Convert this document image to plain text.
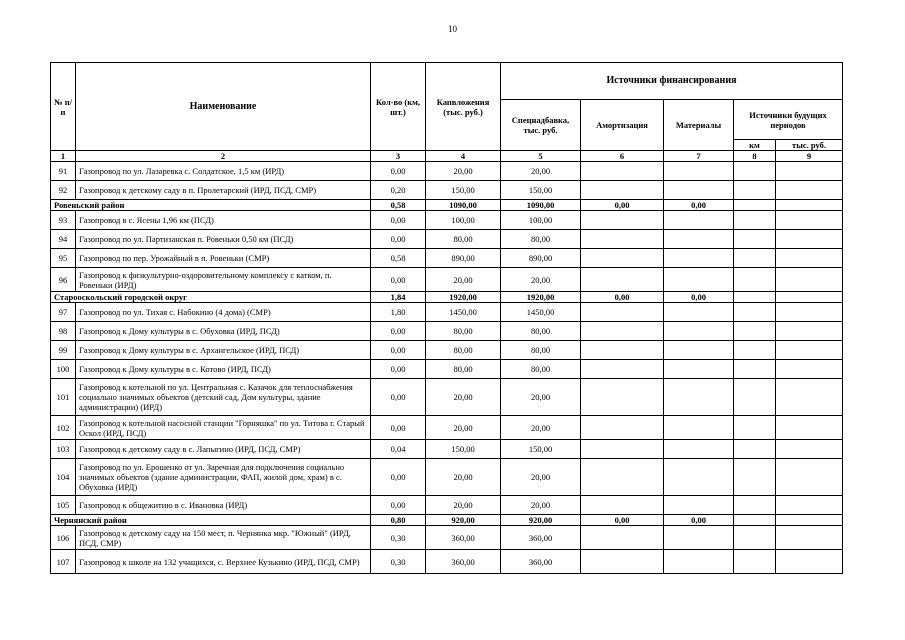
10
№ п/п	Наименование	Кол-во (км, шт.)	Капвложения (тыс. руб.)	Источники финансирования				
				Спецнадбавка, тыс. руб.	Амортизация	Материалы	Источники будущих периодов	
							км	тыс. руб.
1	2	3	4	5	6	7	8	9
91	Газопровод по ул. Лазаревка с. Солдатское, 1,5 км (ИРД)	0,00	20,00	20,00				
92	Газопровод к детскому саду в п. Пролетарский (ИРД, ПСД, СМР)	0,20	150,00	150,00				
Ровеньский район		0,58	1090,00	1090,00	0,00	0,00		
93	Газопровод в с. Ясены 1,96 км (ПСД)	0,00	100,00	100,00				
94	Газопровод по ул. Партизанская п. Ровеньки 0,50 км (ПСД)	0,00	80,00	80,00				
95	Газопровод по пер. Урожайный в п. Ровеньки (СМР)	0,58	890,00	890,00				
96	Газопровод к физкультурно-оздоровительному комплексу с катком, п. Ровеньки (ИРД)	0,00	20,00	20,00				
Старооскольский городской округ		1,84	1920,00	1920,00	0,00	0,00		
97	Газопровод по ул. Тихая с. Набокино (4 дома) (СМР)	1,80	1450,00	1450,00				
98	Газопровод к Дому культуры в с. Обуховка (ИРД, ПСД)	0,00	80,00	80,00				
99	Газопровод к Дому культуры в с. Архангельское (ИРД, ПСД)	0,00	80,00	80,00				
100	Газопровод к Дому культуры в с. Котово (ИРД, ПСД)	0,00	80,00	80,00				
101	Газопровод к котельной по ул. Центральная с. Казачок для теплоснабжения социально значимых объектов (детский сад, Дом культуры, здание администрации) (ИРД)	0,00	20,00	20,00				
102	Газопровод к котельной насосной станции "Горняшка" по ул. Титова г. Старый Оскол (ИРД, ПСД)	0,00	20,00	20,00				
103	Газопровод к детскому саду в с. Лапыгино (ИРД, ПСД, СМР)	0,04	150,00	150,00				
104	Газопровод по ул. Ерошенко от ул. Заречная для подключения социально значимых объектов (здание администрации, ФАП, жилой дом, храм) в с. Обуховка (ИРД)	0,00	20,00	20,00				
105	Газопровод к общежитию в с. Ивановка (ИРД)	0,00	20,00	20,00				
Чернянский район		0,80	920,00	920,00	0,00	0,00		
106	Газопровод к детскому саду на 150 мест, п. Чернянка мкр. "Южный" (ИРД, ПСД, СМР)	0,30	360,00	360,00				
107	Газопровод к школе на 132 учащихся, с. Верхнее Кузькино (ИРД, ПСД, СМР)	0,30	360,00	360,00				
